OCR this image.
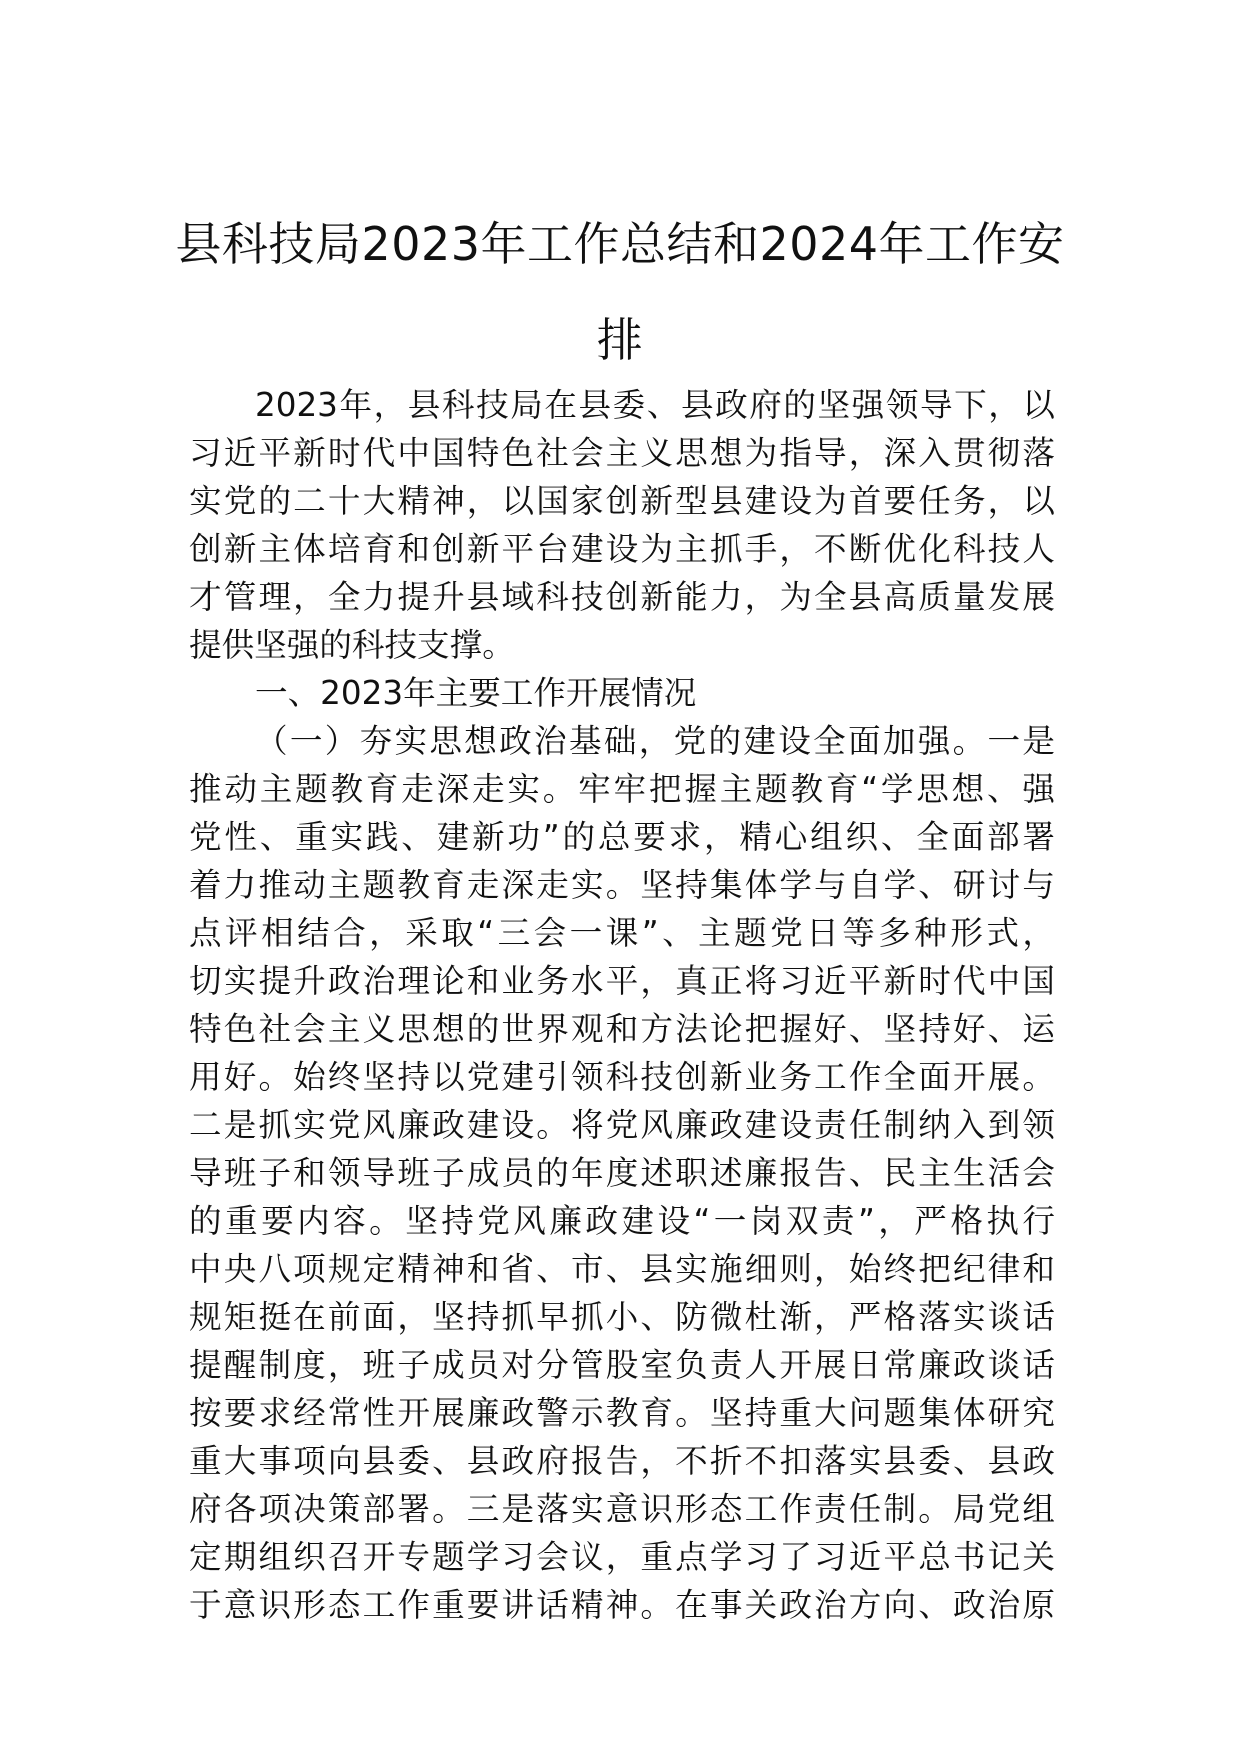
县科技局2023年工作总结和2024年工作安
排
2023年，县科技局在县委、县政府的坚强领导下，以
习近平新时代中国特色社会主义思想为指导，深入贯彻落
实党的二十大精神，以国家创新型县建设为首要任务，以
创新主体培育和创新平台建设为主抓手，不断优化科技人
才管理，全力提升县域科技创新能力，为全县高质量发展
提供坚强的科技支撑。
一、2023年主要工作开展情况
（一）夯实思想政治基础，党的建设全面加强。一是
推动主题教育走深走实。牢牢把握主题教育“学思想、强
党性、重实践、建新功”的总要求，精心组织、全面部署
着力推动主题教育走深走实。坚持集体学与自学、研讨与
点评相结合，采取“三会一课”、主题党日等多种形式，
切实提升政治理论和业务水平，真正将习近平新时代中国
特色社会主义思想的世界观和方法论把握好、坚持好、运
用好。始终坚持以党建引领科技创新业务工作全面开展。
二是抓实党风廉政建设。将党风廉政建设责任制纳入到领
导班子和领导班子成员的年度述职述廉报告、民主生活会
的重要内容。坚持党风廉政建设“一岗双责”，严格执行
中央八项规定精神和省、市、县实施细则，始终把纪律和
规矩挺在前面，坚持抓早抓小、防微杜渐，严格落实谈话
提醒制度，班子成员对分管股室负责人开展日常廉政谈话
按要求经常性开展廉政警示教育。坚持重大问题集体研究
重大事项向县委、县政府报告，不折不扣落实县委、县政
府各项决策部署。三是落实意识形态工作责任制。局党组
定期组织召开专题学习会议，重点学习了习近平总书记关
于意识形态工作重要讲话精神。在事关政治方向、政治原
